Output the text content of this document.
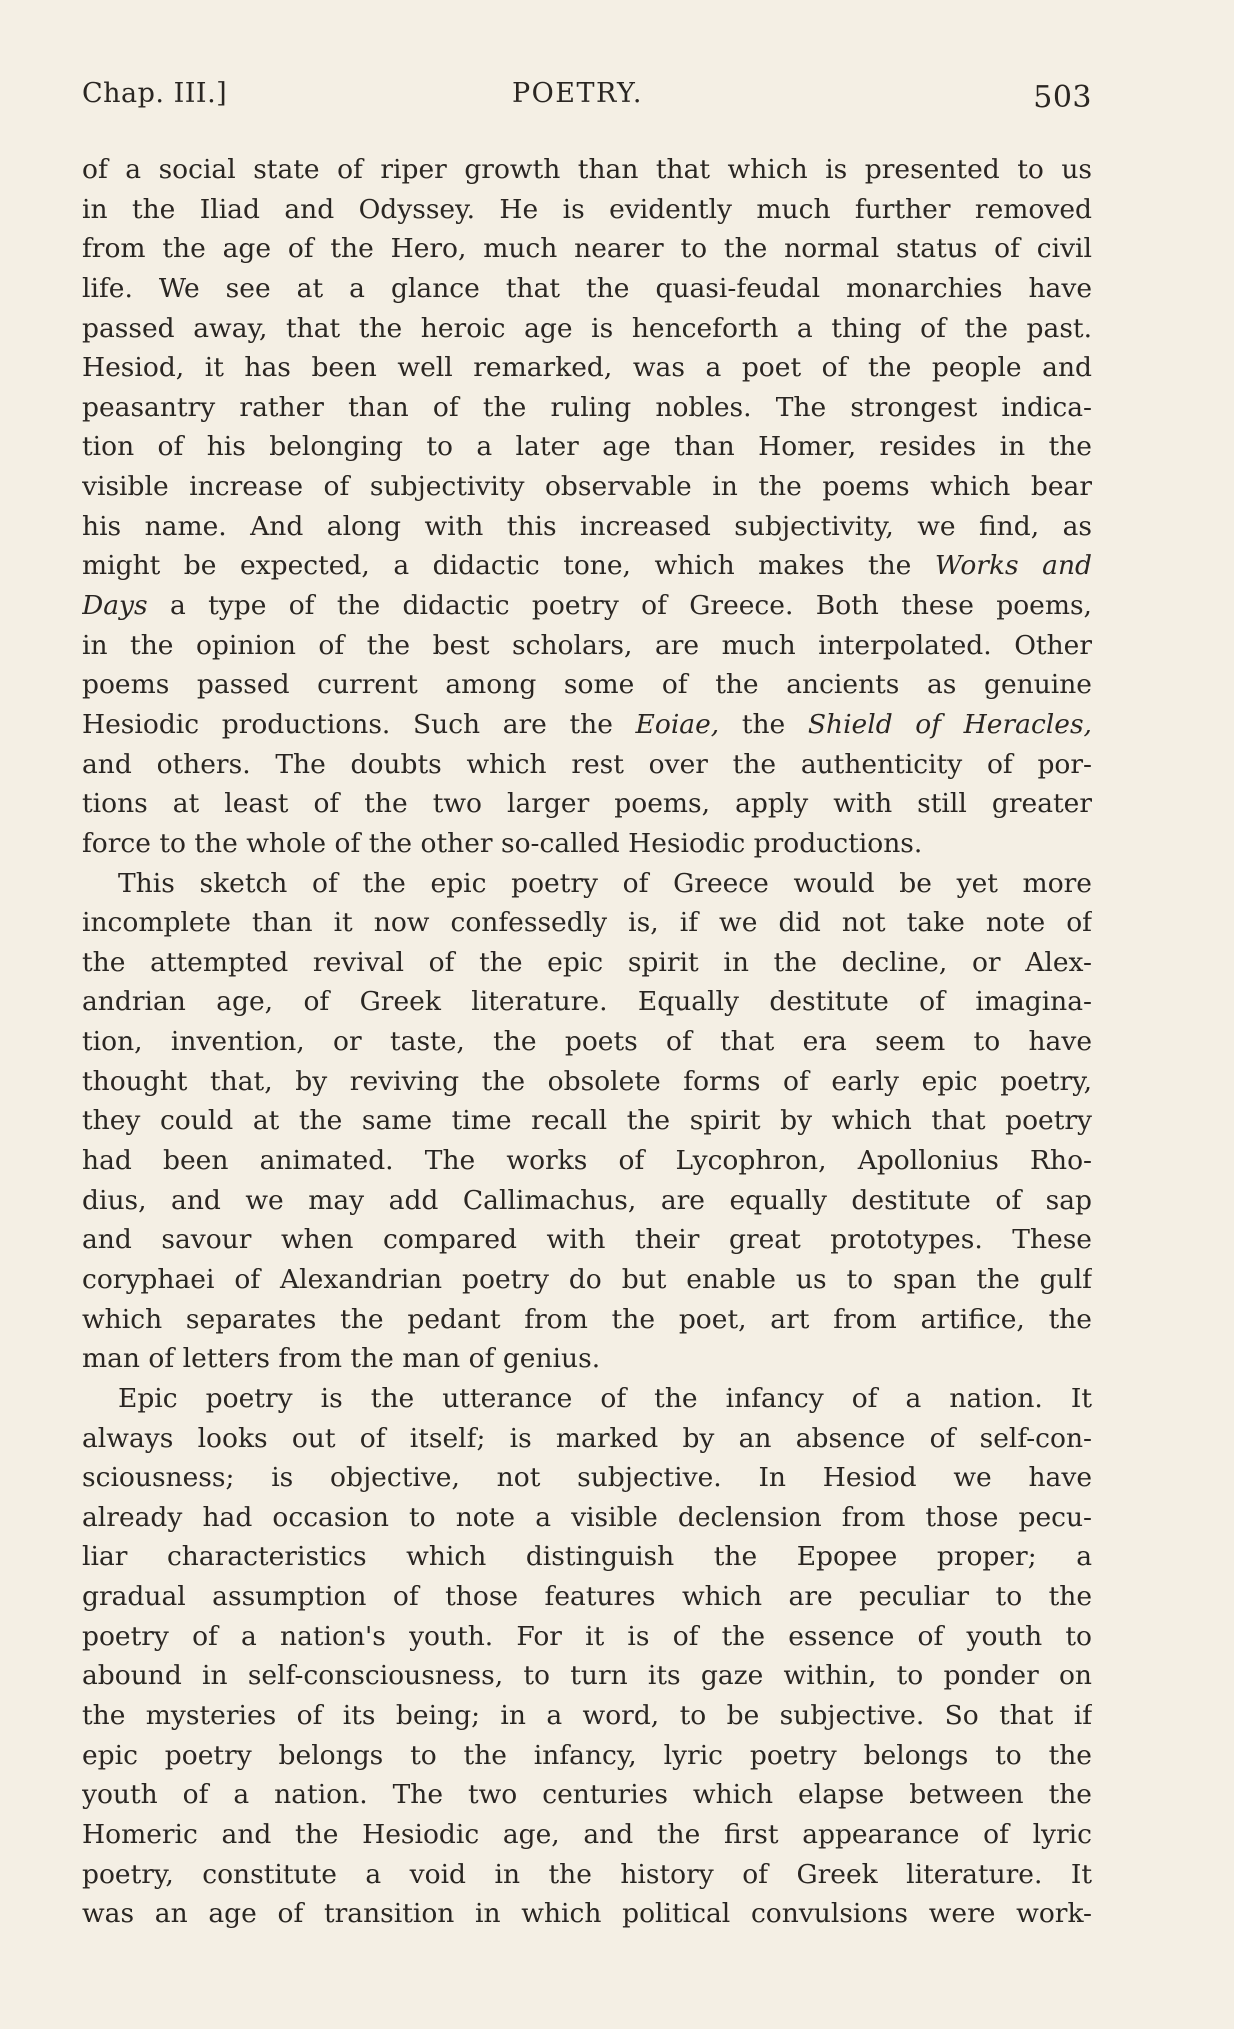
Chap. III.]	POETRY.	503
of a social state of riper growth than that which is presented to us
in the Iliad and Odyssey. He is evidently much further removed
from the age of the Hero, much nearer to the normal status of civil
life. We see at a glance that the quasi-feudal monarchies have
passed away, that the heroic age is henceforth a thing of the past.
Hesiod, it has been well remarked, was a poet of the people and
peasantry rather than of the ruling nobles. The strongest indica-
tion of his belonging to a later age than Homer, resides in the
visible increase of subjectivity observable in the poems which bear
his name. And along with this increased subjectivity, we find, as
might be expected, a didactic tone, which makes the Works and
Days a type of the didactic poetry of Greece. Both these poems,
in the opinion of the best scholars, are much interpolated. Other
poems passed current among some of the ancients as genuine
Hesiodic productions. Such are the Eoiae, the Shield of Heracles,
and others. The doubts which rest over the authenticity of por-
tions at least of the two larger poems, apply with still greater
force to the whole of the other so-called Hesiodic productions.
This sketch of the epic poetry of Greece would be yet more
incomplete than it now confessedly is, if we did not take note of
the attempted revival of the epic spirit in the decline, or Alex-
andrian age, of Greek literature. Equally destitute of imagina-
tion, invention, or taste, the poets of that era seem to have
thought that, by reviving the obsolete forms of early epic poetry,
they could at the same time recall the spirit by which that poetry
had been animated. The works of Lycophron, Apollonius Rho-
dius, and we may add Callimachus, are equally destitute of sap
and savour when compared with their great prototypes. These
coryphaei of Alexandrian poetry do but enable us to span the gulf
which separates the pedant from the poet, art from artifice, the
man of letters from the man of genius.
Epic poetry is the utterance of the infancy of a nation. It
always looks out of itself; is marked by an absence of self-con-
sciousness; is objective, not subjective. In Hesiod we have
already had occasion to note a visible declension from those pecu-
liar characteristics which distinguish the Epopee proper; a
gradual assumption of those features which are peculiar to the
poetry of a nation's youth. For it is of the essence of youth to
abound in self-consciousness, to turn its gaze within, to ponder on
the mysteries of its being; in a word, to be subjective. So that if
epic poetry belongs to the infancy, lyric poetry belongs to the
youth of a nation. The two centuries which elapse between the
Homeric and the Hesiodic age, and the first appearance of lyric
poetry, constitute a void in the history of Greek literature. It
was an age of transition in which political convulsions were work-
